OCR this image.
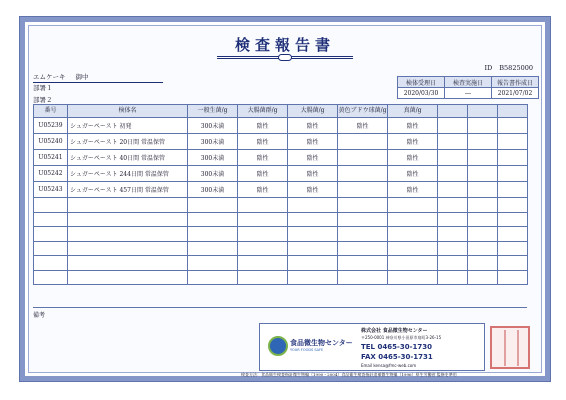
検査報告書
ID B5825000
エムケーキ 御中
部署１
部署２
検体受理日	検査実施日	報告書作成日
2020/03/30	―	2021/07/02
番号	検体名	一般生菌/g	大腸菌群/g	大腸菌/g	黄色ブドウ球菌/g	真菌/g			
U05239	シュガーペースト 初発	300未満	陰性	陰性	陰性	陰性			
U05240	シュガーペースト 20日間 常温保管	300未満	陰性	陰性		陰性			
U05241	シュガーペースト 40日間 常温保管	300未満	陰性	陰性		陰性			
U05242	シュガーペースト 244日間 常温保管	300未満	陰性	陰性		陰性			
U05243	シュガーペースト 457日間 常温保管	300未満	陰性	陰性		陰性			

備考
食品微生物センター
YOUR FOODS SAFE
株式会社 食品微生物センター
〒250-0001 神奈川県小田原市扇町3-26-15
TEL 0465-30-1730
FAX 0465-30-1731
Email kensa@fmc-web.com
検査方法：食品衛生検査指針微生物編（1990・2004）食品衛生検査指針追補微生物編（1996）厚生労働省 監修を準用
